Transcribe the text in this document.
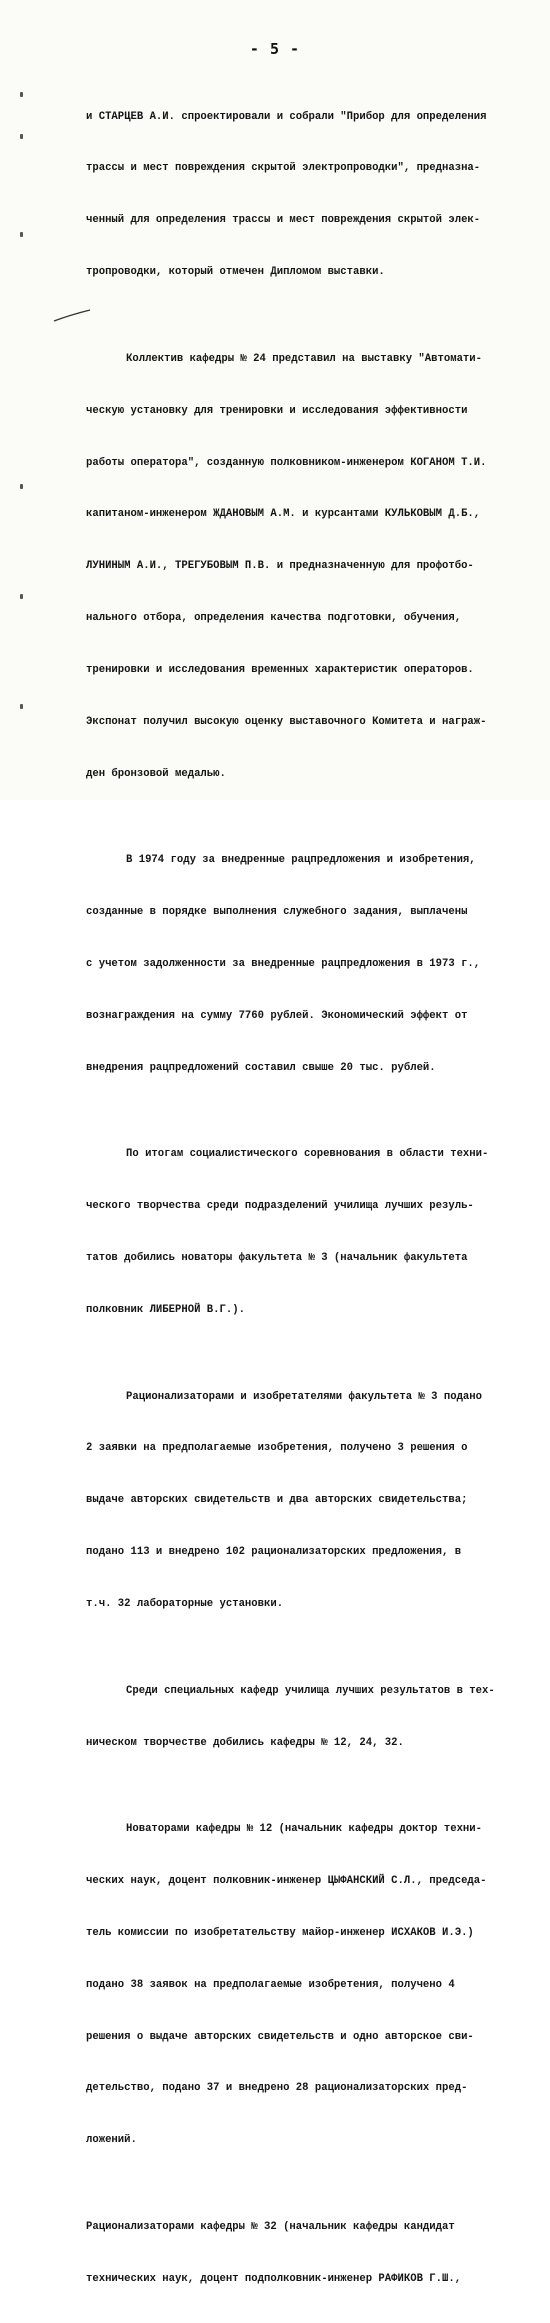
- 5 -

и СТАРЦЕВ А.И. спроектировали и собрали "Прибор для определения

трассы и мест повреждения скрытой электропроводки", предназна-

ченный для определения трассы и мест повреждения скрытой элек-

тропроводки, который отмечен Дипломом выставки.

Коллектив кафедры № 24 представил на выставку "Автомати-

ческую установку для тренировки и исследования эффективности

работы оператора", созданную полковником-инженером КОГАНОМ Т.И.

капитаном-инженером ЖДАНОВЫМ А.М. и курсантами КУЛЬКОВЫМ Д.Б.,

ЛУНИНЫМ А.И., ТРЕГУБОВЫМ П.В. и предназначенную для профотбо-

нального отбора, определения качества подготовки, обучения,

тренировки и исследования временных характеристик операторов.

Экспонат получил высокую оценку выставочного Комитета и награж-

ден бронзовой медалью.

В 1974 году за внедренные рацпредложения и изобретения,

созданные в порядке выполнения служебного задания, выплачены

с учетом задолженности за внедренные рацпредложения в 1973 г.,

вознаграждения на сумму 7760 рублей. Экономический эффект от

внедрения рацпредложений составил свыше 20 тыс. рублей.

По итогам социалистического соревнования в области техни-

ческого творчества среди подразделений училища лучших резуль-

татов добились новаторы факультета № 3 (начальник факультета

полковник ЛИБЕРНОЙ В.Г.).

Рационализаторами и изобретателями факультета № 3 подано

2 заявки на предполагаемые изобретения, получено 3 решения о

выдаче авторских свидетельств и два авторских свидетельства;

подано 113 и внедрено 102 рационализаторских предложения, в

т.ч. 32 лабораторные установки.

Среди специальных кафедр училища лучших результатов в тех-

ническом творчестве добились кафедры № 12, 24, 32.

Новаторами кафедры № 12 (начальник кафедры доктор техни-

ческих наук, доцент полковник-инженер ЦЫФАНСКИЙ С.Л., председа-

тель комиссии по изобретательству майор-инженер ИСХАКОВ И.Э.)

подано 38 заявок на предполагаемые изобретения, получено 4

решения о выдаче авторских свидетельств и одно авторское сви-

детельство, подано 37 и внедрено 28 рационализаторских пред-

ложений.

Рационализаторами кафедры № 32 (начальник кафедры кандидат

технических наук, доцент подполковник-инженер РАФИКОВ Г.Ш.,
